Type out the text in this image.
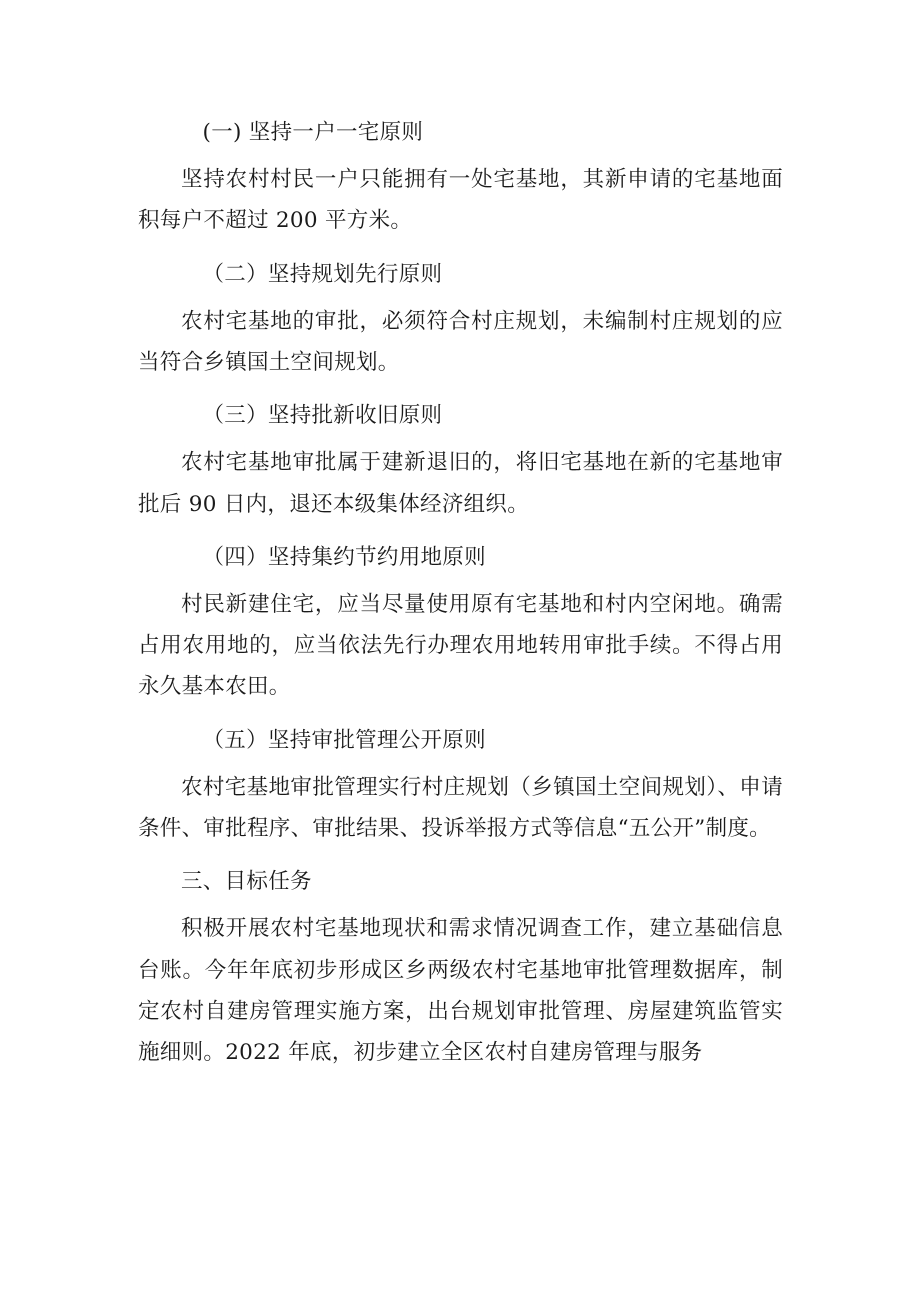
(一) 坚持一户一宅原则

坚持农村村民一户只能拥有一处宅基地，其新申请的宅基地面积每户不超过 200 平方米。

（二）坚持规划先行原则

农村宅基地的审批，必须符合村庄规划，未编制村庄规划的应当符合乡镇国土空间规划。

（三）坚持批新收旧原则

农村宅基地审批属于建新退旧的，将旧宅基地在新的宅基地审批后 90 日内，退还本级集体经济组织。

（四）坚持集约节约用地原则

村民新建住宅，应当尽量使用原有宅基地和村内空闲地。确需占用农用地的，应当依法先行办理农用地转用审批手续。不得占用永久基本农田。

（五）坚持审批管理公开原则

农村宅基地审批管理实行村庄规划（乡镇国土空间规划）、申请条件、审批程序、审批结果、投诉举报方式等信息“五公开”制度。

三、目标任务

积极开展农村宅基地现状和需求情况调查工作，建立基础信息台账。今年年底初步形成区乡两级农村宅基地审批管理数据库，制定农村自建房管理实施方案，出台规划审批管理、房屋建筑监管实施细则。2022 年底，初步建立全区农村自建房管理与服务
